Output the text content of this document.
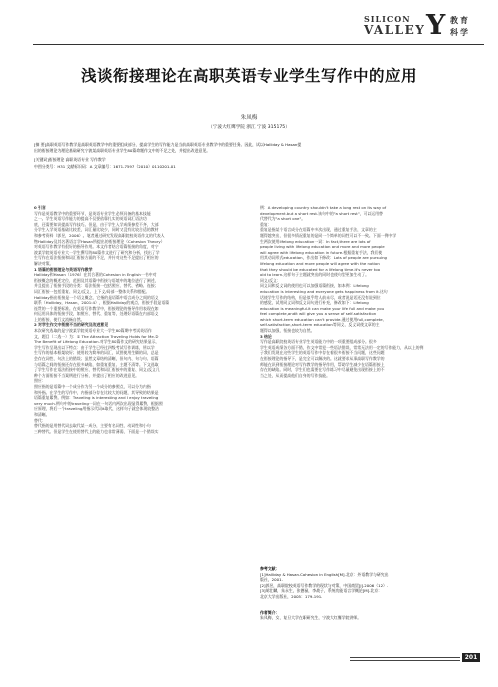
SILICON
VALLEY Y 教育
科学
浅谈衔接理论在高职英语专业学生写作中的应用
朱凤梅
（宁波大红鹰学院 浙江 宁波 315175）
[摘 要]高职英语写作教学是高职英语教学中的重要组成部分，提高学生的写作能力是当前高职英语专业教学中的重要任务。因此，试以Halliday & Hasan提
出的衔接理论为理论基础研究宁波某高职英语专业学生80篇命题作文中的不足之处，并提出改进意见。
[关键词]衔接理论 高职英语专业 写作教学
中图分类号：H31 文献标识码：A 文章编号：1671-7597（2010）0110201-01
0 引言
写作是英语教学中的重要环节，是英语专业学生必须具备的基本技能
之一。学生英语写作能力的提高不仅要依靠扎实的英语词汇语法功
底，还需要知识提高写作技巧。但是，由于学生入学成绩参差不齐，大部
分学生入学英语基础比较差，词汇量比较少，同时又没有比较合适的教材
和参考资料（郭昱，2006）。笔者通过研究发现高职院校英语作文的代表人
物Halliday及其名著语言学Hasan所提出的衔接理论（Cohesion Theory）
对英语写作教学有很好的指导作用。本文作者结合语篇衔接的角度，对宁
波某学院英语专业大一学生撰写的80篇作文进行了研究和分析，找出了学
生写作在语法衔接和词汇衔接方面的不足，并针对这些不足提出了相应的
解决对策。
1 语篇的衔接理论与英语写作教学
Halliday和Hasan（1976）在其合著的Cohesion in English一书中对
衔接概念的概述定位，范围及其语篇中衔接与语境中的地位进行了阐述，
并且提出了衔接手段的分类：语法衔接一包括照应、替代、省略、连接；
词汇衔接一包括重复、同义/反义、上下义/局部一整体关系和搭配。
Halliday指出衔接是一个语义概念，它指的是语篇中语言成分之间的语义
联系（Holliday，Hasan，2001:4），根据Halliday的观点，衔接手段是语篇
连贯的一个重要标准。在英语写作教学中，衔接理论的指导作用表现在如
何运用具体的衔接手段，如照应、替代、重复等，处理好语篇在内部语义
上的衔接，使行文流畅自然。
2 对学生作文中衔接不当的研究及改进意见
本次研究选取的是宁波某学院英语专业大一学生80篇期中考试英语作
文，题目（二选一）为：① The Attraction Traveling Holds for Me.②
The Benefit of Lifelong Education.对学生80篇作文的研究结果显示，
学生写作呈现出以下特点：由于学生已经过四级考试写作训练，所以学
生写作的基本框架较好；使用较为简单的词汇，试图使用生僻的词，总是
会存在词性、句法上的错误；虽然文章结构清晰，但句内、句与句、语篇
与语篇之间的衔接还存在很多缺陷，如重复重复、主题不清等。下文选取
了学生写作在语法衔接中的照应、替代和词汇衔接中的重复、同义/反义几
种个方面衔接不当案例进行分析，并提出了相应的改进意见。
照应：
照应指的是语篇中一个成分作为另一个成分的参照点，可以分为内指
和外指。在学生的写作中，内指部分存在比较大的问题，其导致的结果是
语篇重复累赘。例如：Traveling is interesting and I enjoy traveling
very much.例句中的traveling一词在一句话内两次出现显得累赘，根据照
应原理，将后一个traveling用指示代词it取代，这样句子就会体现较整洁
和清晰。
替代：
替代指的是用替代词去取代某一成分，主要有名词性、动词性和小句
三种替代。但是学生在使用替代上的能力也非常薄弱，下面是一个错误实
例：A developing country shouldn't take a long rest on its way of
development.but a short rest.该句中的"a short rest"，可以运用替
代替代为"a short one"。
重复：
重复是指某个语言成分在语篇中多次出现，通过重复手法，文章的主
题得越突出，但很多情况重复的是同一个简单的词性可以不一致。下面一例中学
生两次使用lifelong education一词：In fact,there are lots of
people living with lifelong education and more and more people
will agree with lifelong education in future.根据重复手法，我们使
用其动词形式education，作出如下修改：Lots of people are pursuing
lifelong education and more people will agree with the notion
that they should be educated for a lifelong time.it's never too
old to learn.这样句子主题就突出的同时也使句型更加生动了。
同义/反义：
同义词和反义词的使用也可以加强语篇衔接，如本例：Lifelong
education is interesting and everyone gets happiness from it.这句
话使学生写作的结构，但是似乎给人前未尽，或者说是话还没有说到位
的感觉，试用同义词和反义词句进行补充，修改如下：Lifelong
education is meaningful.it can make your life full and make you
feel complete,andit will give you a sense of self-satisfaction
which short-term education can't provide.通过使用full,complete,
self-satisfaction,short-term education等同义、反义词使文章的主
题得以加强，衔接也较为自然。
3 结论
写作是高职院校英语专业学生英语能力中的一项重要组成部分。很多
学生英语成绩各方面不错，作文中常犯一些语法错误，常常无法用一定的写作能力，从以上的例
子我们发现在这些学生的英语写作中存在着很多衔接不当问题，这些问题
在衔接理论的指导下，是完全可以解决的。这就要求从事高职写作教学的
师能在识到衔接理论对写作教学的指导作用，帮助学生减少在语篇衔接上
存在的缺陷。同时，学生们也需要在写作练习中尽量避免出现衔接上的不
当之处，从而提高他们自身的写作技能。
参考文献：
[1]Halliday & Hasan.Cohesion in English[M].北京：外语教学与研究出
版社，2001.
[2]郭昱，高职院校英语写作教学的现状与对策，中国商贸[J].2006（12）.
[3]胡壮麟，朱永生，张德禄，李战子，系统功能语言学概论[M].北京：
北京大学出版社，2005：179-191.
作者简介：
朱凤梅，女，复旦大学在职研究生，宁波大红鹰学院讲师。
201
